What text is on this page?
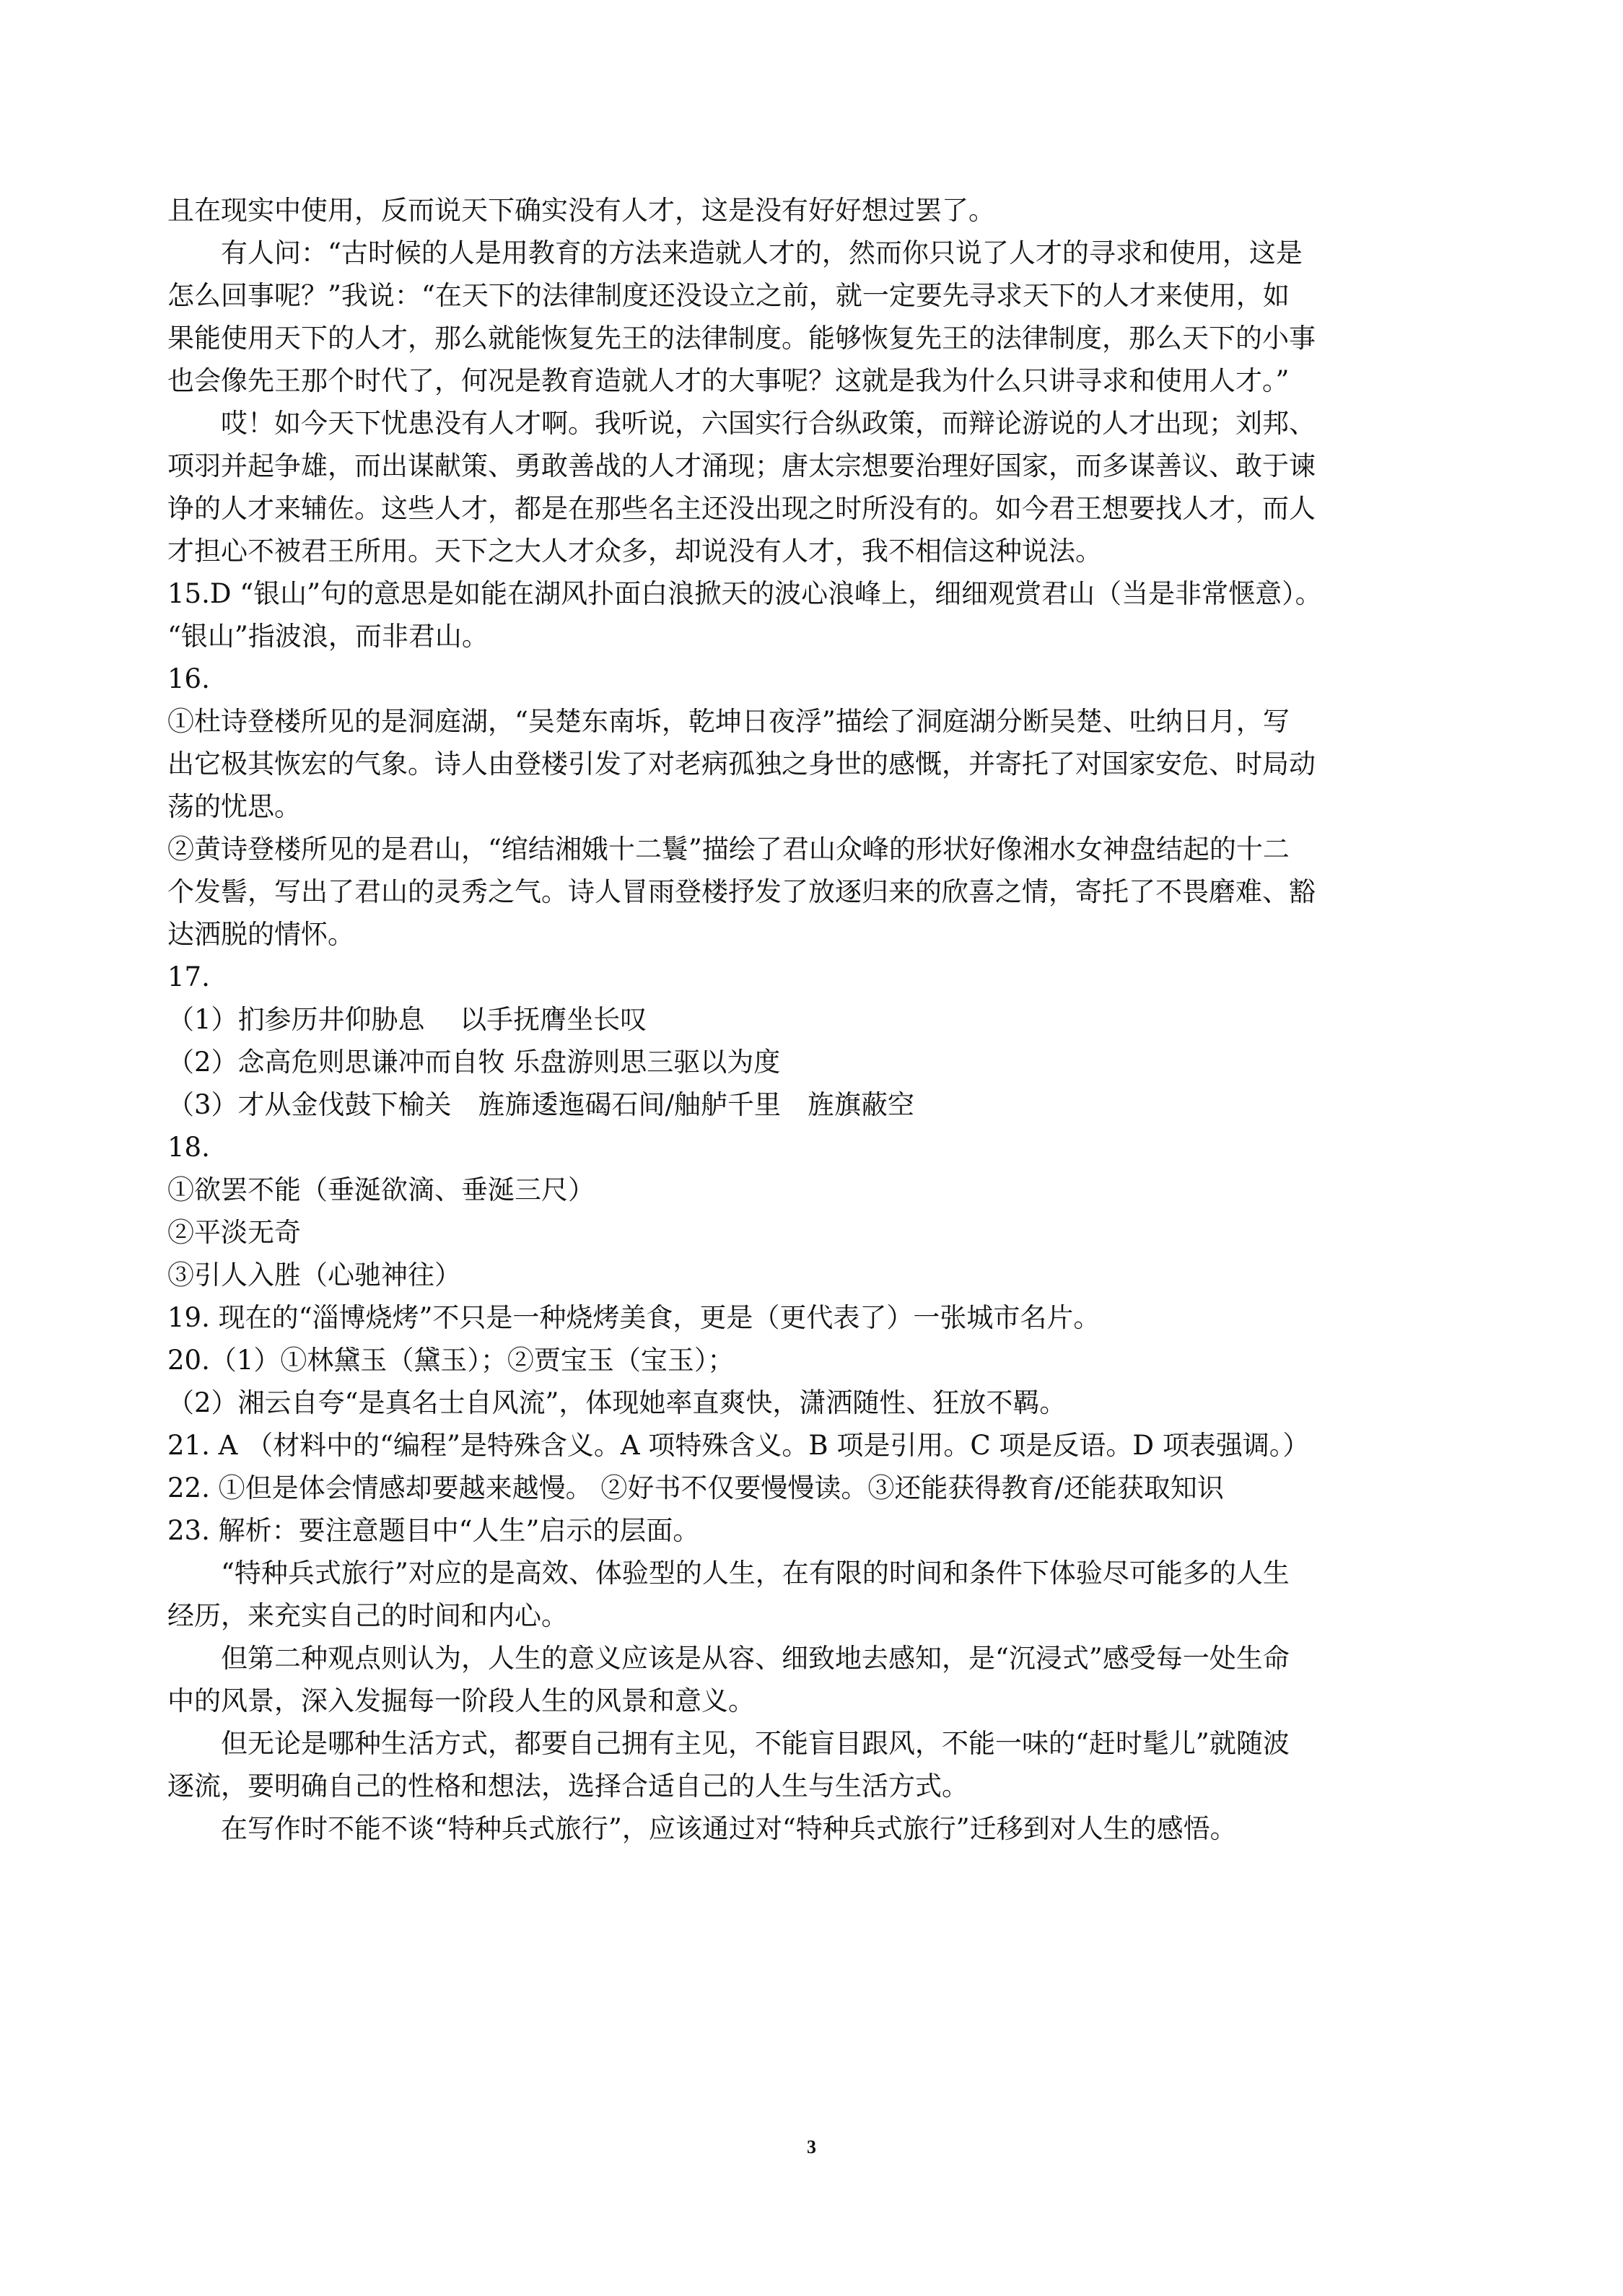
且在现实中使用，反而说天下确实没有人才，这是没有好好想过罢了。

有人问：“古时候的人是用教育的方法来造就人才的，然而你只说了人才的寻求和使用，这是

怎么回事呢？”我说：“在天下的法律制度还没设立之前，就一定要先寻求天下的人才来使用，如

果能使用天下的人才，那么就能恢复先王的法律制度。能够恢复先王的法律制度，那么天下的小事

也会像先王那个时代了，何况是教育造就人才的大事呢？这就是我为什么只讲寻求和使用人才。”

哎！如今天下忧患没有人才啊。我听说，六国实行合纵政策，而辩论游说的人才出现；刘邦、

项羽并起争雄，而出谋献策、勇敢善战的人才涌现；唐太宗想要治理好国家，而多谋善议、敢于谏

诤的人才来辅佐。这些人才，都是在那些名主还没出现之时所没有的。如今君王想要找人才，而人

才担心不被君王所用。天下之大人才众多，却说没有人才，我不相信这种说法。

15.D “银山”句的意思是如能在湖风扑面白浪掀天的波心浪峰上，细细观赏君山（当是非常惬意）。

“银山”指波浪，而非君山。

16.

①杜诗登楼所见的是洞庭湖，“吴楚东南坼，乾坤日夜浮”描绘了洞庭湖分断吴楚、吐纳日月，写

出它极其恢宏的气象。诗人由登楼引发了对老病孤独之身世的感慨，并寄托了对国家安危、时局动

荡的忧思。

②黄诗登楼所见的是君山，“绾结湘娥十二鬟”描绘了君山众峰的形状好像湘水女神盘结起的十二

个发髻，写出了君山的灵秀之气。诗人冒雨登楼抒发了放逐归来的欣喜之情，寄托了不畏磨难、豁

达洒脱的情怀。

17.

（1）扪参历井仰胁息　 以手抚膺坐长叹

（2）念高危则思谦冲而自牧 乐盘游则思三驱以为度

（3）才从金伐鼓下榆关　旌旆逶迤碣石间/舳舻千里　旌旗蔽空

18.

①欲罢不能（垂涎欲滴、垂涎三尺）

②平淡无奇

③引人入胜（心驰神往）

19. 现在的“淄博烧烤”不只是一种烧烤美食，更是（更代表了）一张城市名片。

20.（1）①林黛玉（黛玉）；②贾宝玉（宝玉）；

（2）湘云自夸“是真名士自风流”，体现她率直爽快，潇洒随性、狂放不羁。

21. A （材料中的“编程”是特殊含义。A 项特殊含义。B 项是引用。C 项是反语。D 项表强调。）

22. ①但是体会情感却要越来越慢。 ②好书不仅要慢慢读。③还能获得教育/还能获取知识

23. 解析：要注意题目中“人生”启示的层面。

“特种兵式旅行”对应的是高效、体验型的人生，在有限的时间和条件下体验尽可能多的人生

经历，来充实自己的时间和内心。

但第二种观点则认为，人生的意义应该是从容、细致地去感知，是“沉浸式”感受每一处生命

中的风景，深入发掘每一阶段人生的风景和意义。

但无论是哪种生活方式，都要自己拥有主见，不能盲目跟风，不能一味的“赶时髦儿”就随波

逐流，要明确自己的性格和想法，选择合适自己的人生与生活方式。

在写作时不能不谈“特种兵式旅行”，应该通过对“特种兵式旅行”迁移到对人生的感悟。

3
